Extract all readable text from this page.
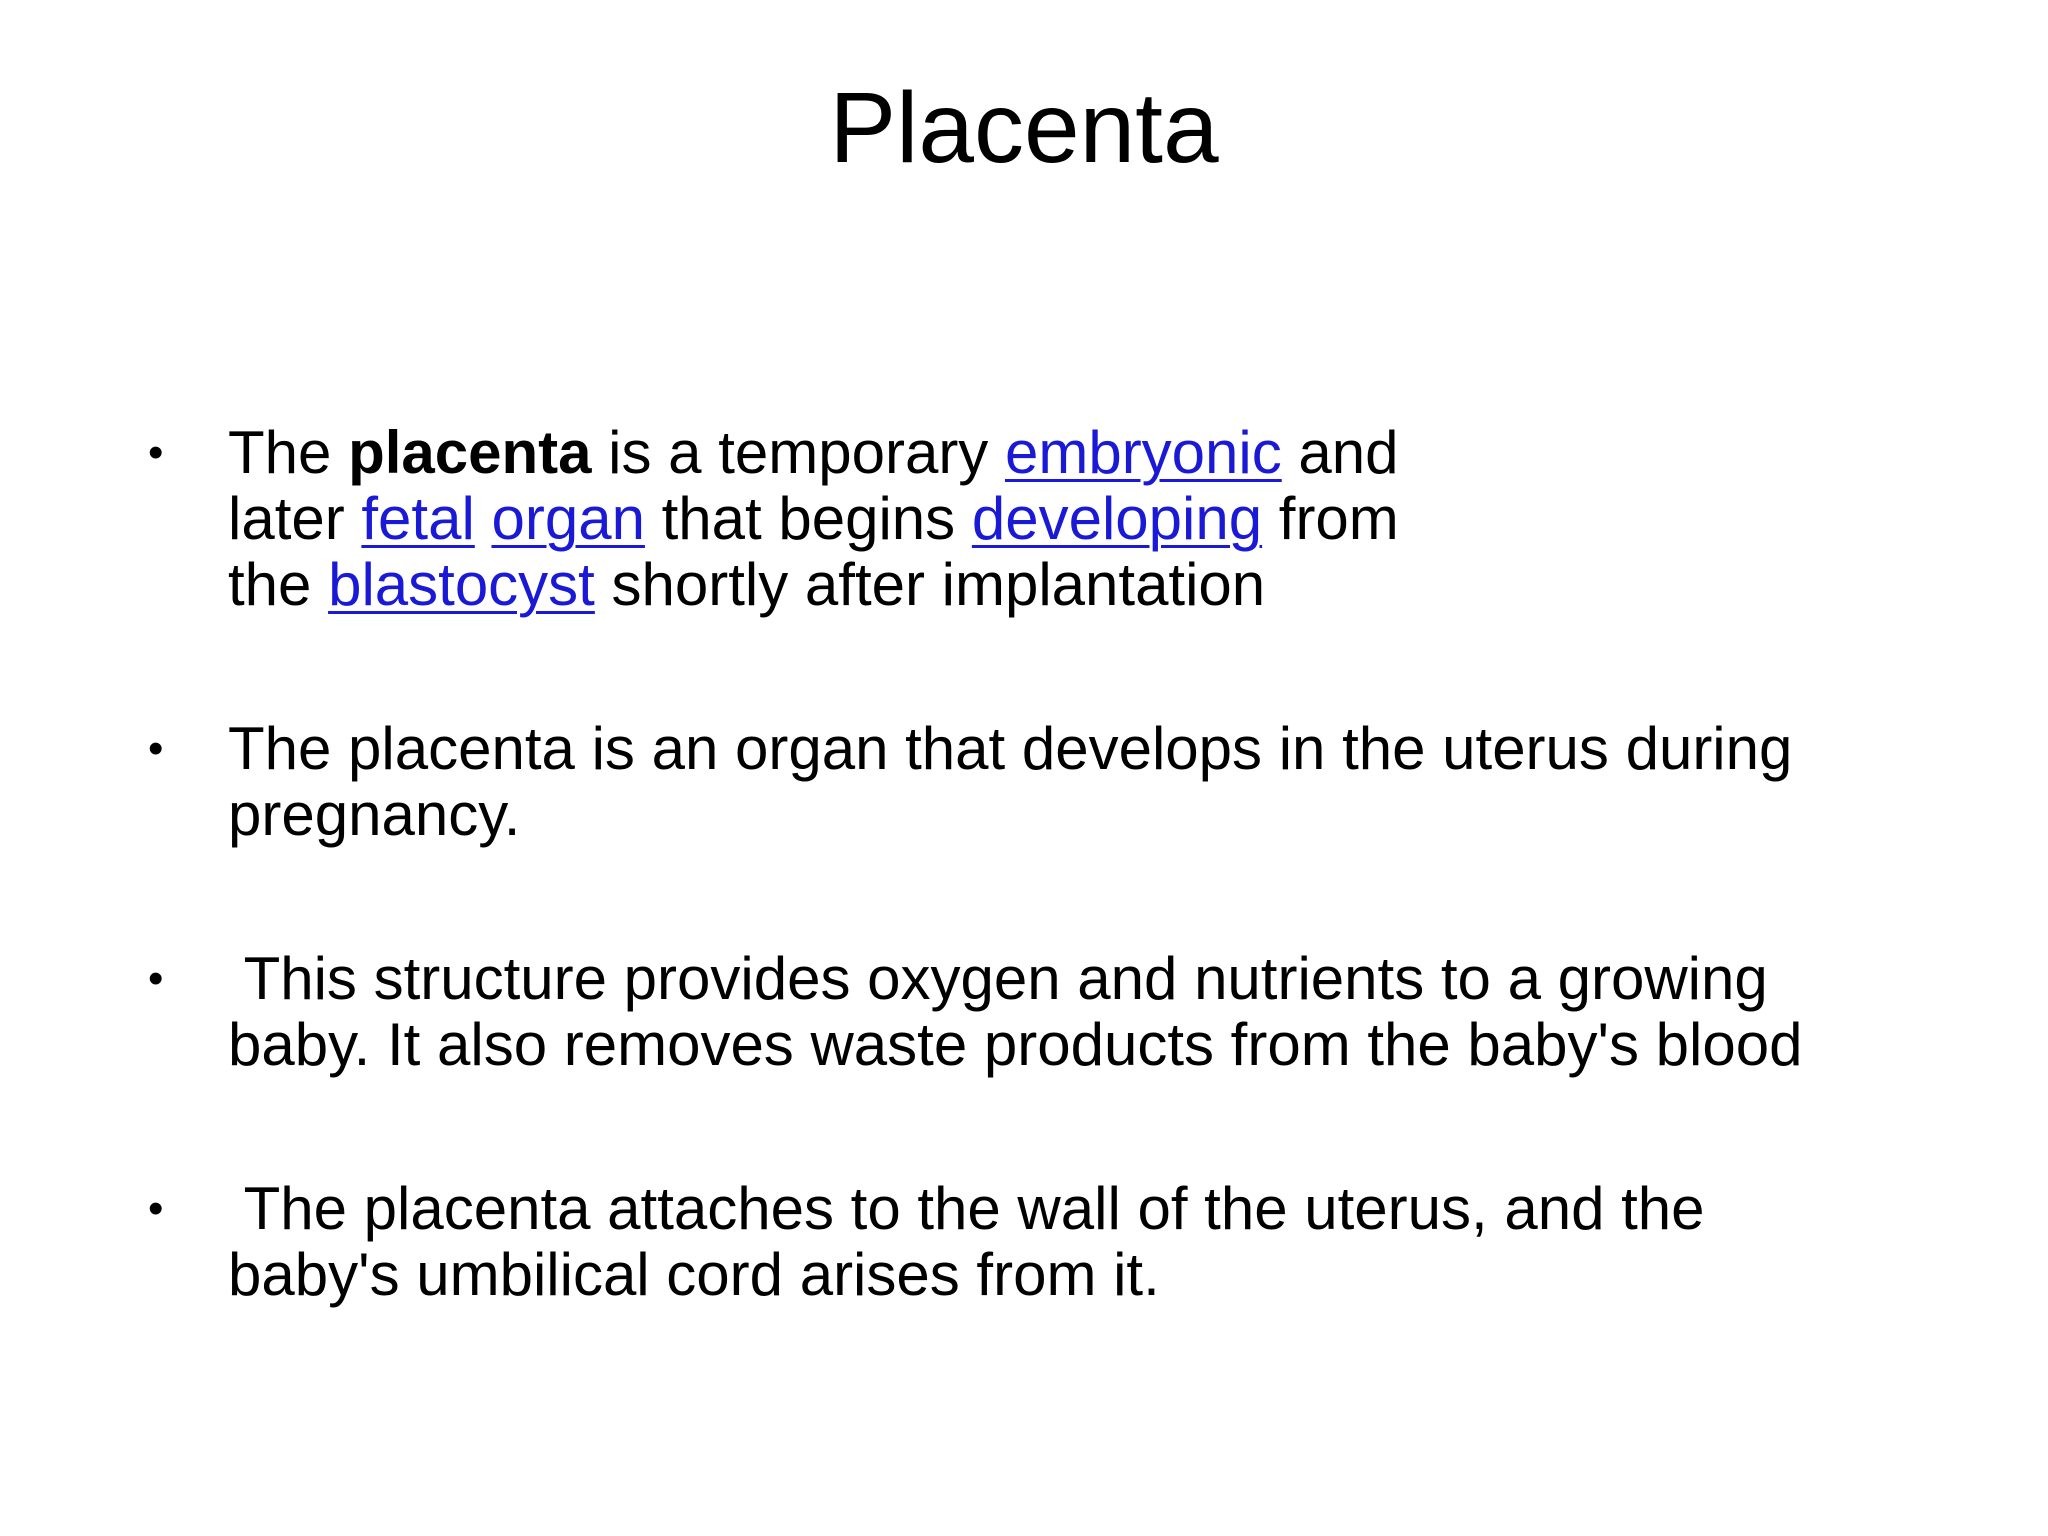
Placenta
•	The placenta is a temporary embryonic and
later fetal organ that begins developing from
the blastocyst shortly after implantation
•	The placenta is an organ that develops in the uterus during
pregnancy.
•	This structure provides oxygen and nutrients to a growing
baby. It also removes waste products from the baby's blood
•	The placenta attaches to the wall of the uterus, and the
baby's umbilical cord arises from it.
